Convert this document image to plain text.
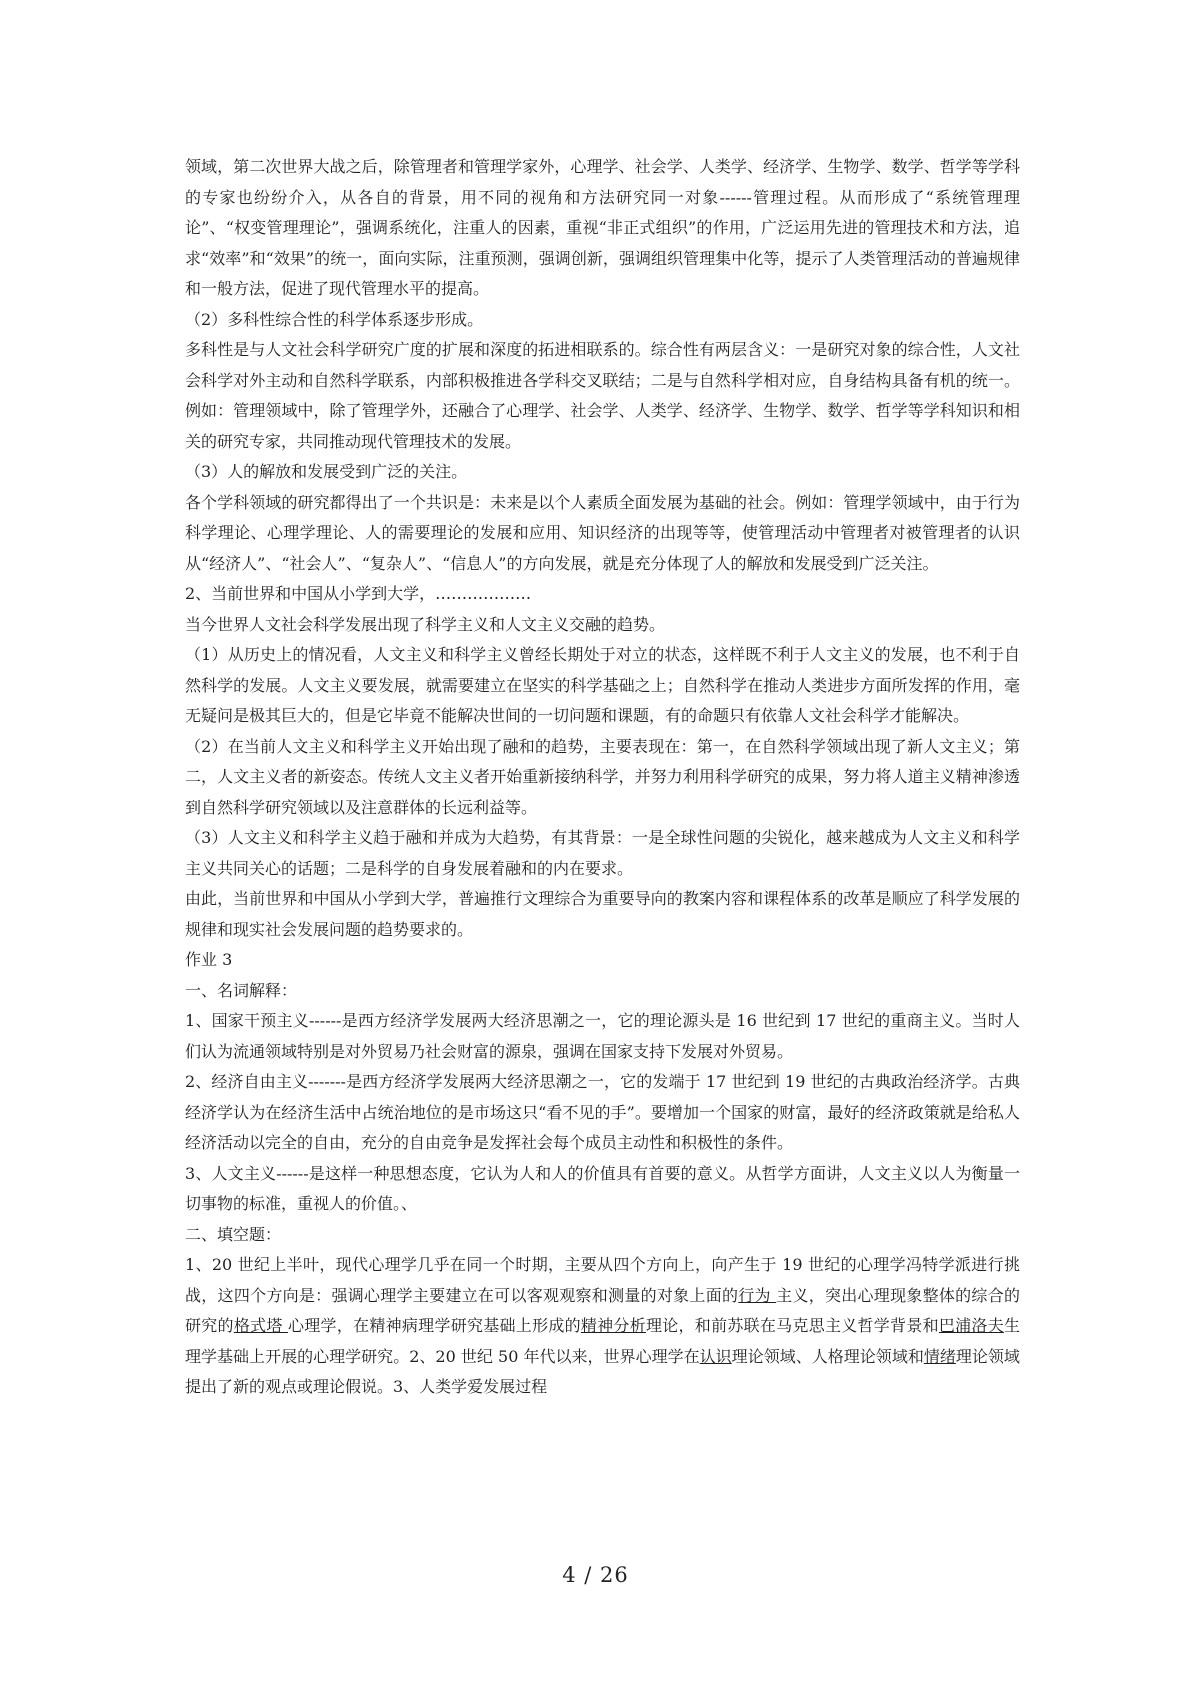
领域，第二次世界大战之后，除管理者和管理学家外，心理学、社会学、人类学、经济学、生物学、数学、哲学等学科的专家也纷纷介入，从各自的背景，用不同的视角和方法研究同一对象------管理过程。从而形成了“系统管理理论”、“权变管理理论”，强调系统化，注重人的因素，重视“非正式组织”的作用，广泛运用先进的管理技术和方法，追求“效率”和“效果”的统一，面向实际，注重预测，强调创新，强调组织管理集中化等，提示了人类管理活动的普遍规律和一般方法，促进了现代管理水平的提高。

（2）多科性综合性的科学体系逐步形成。

多科性是与人文社会科学研究广度的扩展和深度的拓进相联系的。综合性有两层含义：一是研究对象的综合性，人文社会科学对外主动和自然科学联系，内部积极推进各学科交叉联结；二是与自然科学相对应，自身结构具备有机的统一。例如：管理领域中，除了管理学外，还融合了心理学、社会学、人类学、经济学、生物学、数学、哲学等学科知识和相关的研究专家，共同推动现代管理技术的发展。

（3）人的解放和发展受到广泛的关注。

各个学科领域的研究都得出了一个共识是：未来是以个人素质全面发展为基础的社会。例如：管理学领域中，由于行为科学理论、心理学理论、人的需要理论的发展和应用、知识经济的出现等等，使管理活动中管理者对被管理者的认识从“经济人”、“社会人”、“复杂人”、“信息人”的方向发展，就是充分体现了人的解放和发展受到广泛关注。

2、当前世界和中国从小学到大学，………………

当今世界人文社会科学发展出现了科学主义和人文主义交融的趋势。

（1）从历史上的情况看，人文主义和科学主义曾经长期处于对立的状态，这样既不利于人文主义的发展，也不利于自然科学的发展。人文主义要发展，就需要建立在坚实的科学基础之上；自然科学在推动人类进步方面所发挥的作用，毫无疑问是极其巨大的，但是它毕竟不能解决世间的一切问题和课题，有的命题只有依靠人文社会科学才能解决。

（2）在当前人文主义和科学主义开始出现了融和的趋势，主要表现在：第一，在自然科学领域出现了新人文主义；第二，人文主义者的新姿态。传统人文主义者开始重新接纳科学，并努力利用科学研究的成果，努力将人道主义精神渗透到自然科学研究领域以及注意群体的长远利益等。

（3）人文主义和科学主义趋于融和并成为大趋势，有其背景：一是全球性问题的尖锐化，越来越成为人文主义和科学主义共同关心的话题；二是科学的自身发展着融和的内在要求。

由此，当前世界和中国从小学到大学，普遍推行文理综合为重要导向的教案内容和课程体系的改革是顺应了科学发展的规律和现实社会发展问题的趋势要求的。

作业 3

一、名词解释：

1、国家干预主义------是西方经济学发展两大经济思潮之一，它的理论源头是 16 世纪到 17 世纪的重商主义。当时人们认为流通领域特别是对外贸易乃社会财富的源泉，强调在国家支持下发展对外贸易。

2、经济自由主义-------是西方经济学发展两大经济思潮之一，它的发端于 17 世纪到 19 世纪的古典政治经济学。古典经济学认为在经济生活中占统治地位的是市场这只“看不见的手”。要增加一个国家的财富，最好的经济政策就是给私人经济活动以完全的自由，充分的自由竞争是发挥社会每个成员主动性和积极性的条件。

3、人文主义------是这样一种思想态度，它认为人和人的价值具有首要的意义。从哲学方面讲，人文主义以人为衡量一切事物的标准，重视人的价值。、

二、填空题：

1、20 世纪上半叶，现代心理学几乎在同一个时期，主要从四个方向上，向产生于 19 世纪的心理学冯特学派进行挑战，这四个方向是：强调心理学主要建立在可以客观观察和测量的对象上面的行为 主义，突出心理现象整体的综合的研究的格式塔 心理学，在精神病理学研究基础上形成的精神分析理论，和前苏联在马克思主义哲学背景和巴浦洛夫生理学基础上开展的心理学研究。2、20 世纪 50 年代以来，世界心理学在认识理论领域、人格理论领域和情绪理论领域提出了新的观点或理论假说。3、人类学爱发展过程

4 / 26
